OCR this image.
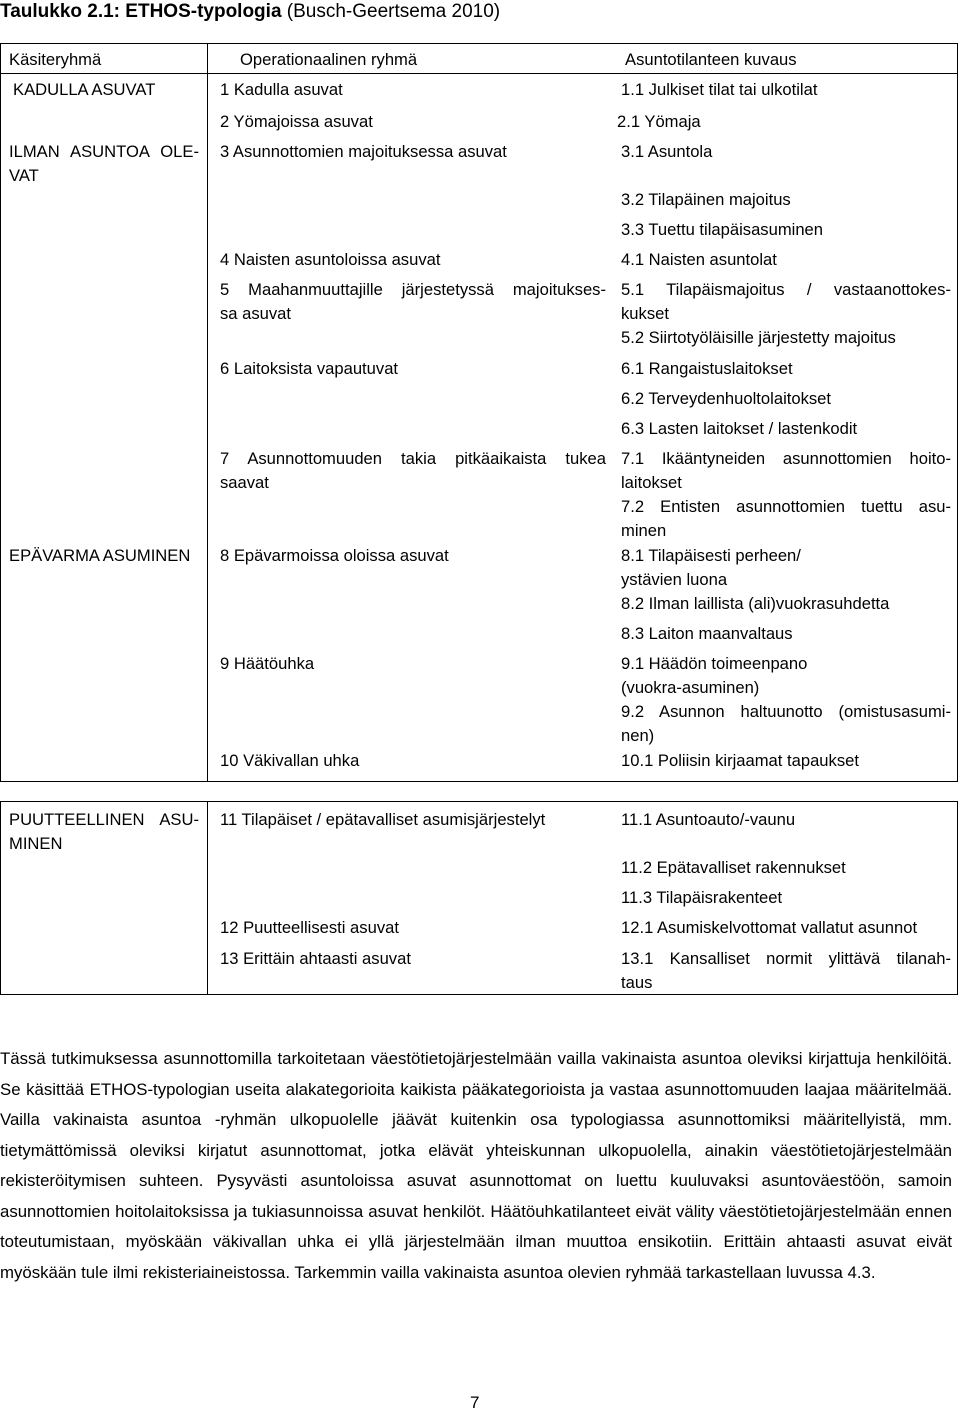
Taulukko 2.1: ETHOS-typologia (Busch-Geertsema 2010)
Käsiteryhmä	Operationaalinen ryhmä	Asuntotilanteen kuvaus
KADULLA ASUVAT
ILMAN ASUNTOA OLE-
VAT
EPÄVARMA ASUMINEN
1 Kadulla asuvat
2 Yömajoissa asuvat
3 Asunnottomien majoituksessa asuvat
4 Naisten asuntoloissa asuvat
5 Maahanmuuttajille järjestetyssä majoitukses-
sa asuvat
6 Laitoksista vapautuvat
7 Asunnottomuuden takia pitkäaikaista tukea
saavat
8 Epävarmoissa oloissa asuvat
9 Häätöuhka
10 Väkivallan uhka
1.1 Julkiset tilat tai ulkotilat
2.1 Yömaja
3.1 Asuntola
3.2 Tilapäinen majoitus
3.3 Tuettu tilapäisasuminen
4.1 Naisten asuntolat
5.1 Tilapäismajoitus / vastaanottokes-
kukset
5.2 Siirtotyöläisille järjestetty majoitus
6.1 Rangaistuslaitokset
6.2 Terveydenhuoltolaitokset
6.3 Lasten laitokset / lastenkodit
7.1 Ikääntyneiden asunnottomien hoito-
laitokset
7.2 Entisten asunnottomien tuettu asu-
minen
8.1 Tilapäisesti perheen/
ystävien luona
8.2 Ilman laillista (ali)vuokrasuhdetta
8.3 Laiton maanvaltaus
9.1 Häädön toimeenpano
(vuokra-asuminen)
9.2 Asunnon haltuunotto (omistusasumi-
nen)
10.1 Poliisin kirjaamat tapaukset
PUUTTEELLINEN ASU-
MINEN
11 Tilapäiset / epätavalliset asumisjärjestelyt
12 Puutteellisesti asuvat
13 Erittäin ahtaasti asuvat
11.1 Asuntoauto/-vaunu
11.2 Epätavalliset rakennukset
11.3 Tilapäisrakenteet
12.1 Asumiskelvottomat vallatut asunnot
13.1 Kansalliset normit ylittävä tilanah-
taus

Tässä tutkimuksessa asunnottomilla tarkoitetaan väestötietojärjestelmään vailla vakinaista asuntoa oleviksi kirjattuja henkilöitä. Se käsittää ETHOS-typologian useita alakategorioita kaikista pääkategorioista ja vastaa asunnottomuuden laajaa määritelmää. Vailla vakinaista asuntoa -ryhmän ulkopuolelle jäävät kuitenkin osa typologiassa asunnottomiksi määritellyistä, mm. tietymättömissä oleviksi kirjatut asunnottomat, jotka elävät yhteiskunnan ulkopuolella, ainakin väestötietojärjestelmään rekisteröitymisen suhteen. Pysyvästi asuntoloissa asuvat asunnottomat on luettu kuuluvaksi asuntoväestöön, samoin asunnottomien hoitolaitoksissa ja tukiasunnoissa asuvat henkilöt. Häätöuhkatilanteet eivät välity väestötietojärjestelmään ennen toteutumistaan, myöskään väkivallan uhka ei yllä järjestelmään ilman muuttoa ensikotiin. Erittäin ahtaasti asuvat eivät myöskään tule ilmi rekisteriaineistossa. Tarkemmin vailla vakinaista asuntoa olevien ryhmää tarkastellaan luvussa 4.3.

7
